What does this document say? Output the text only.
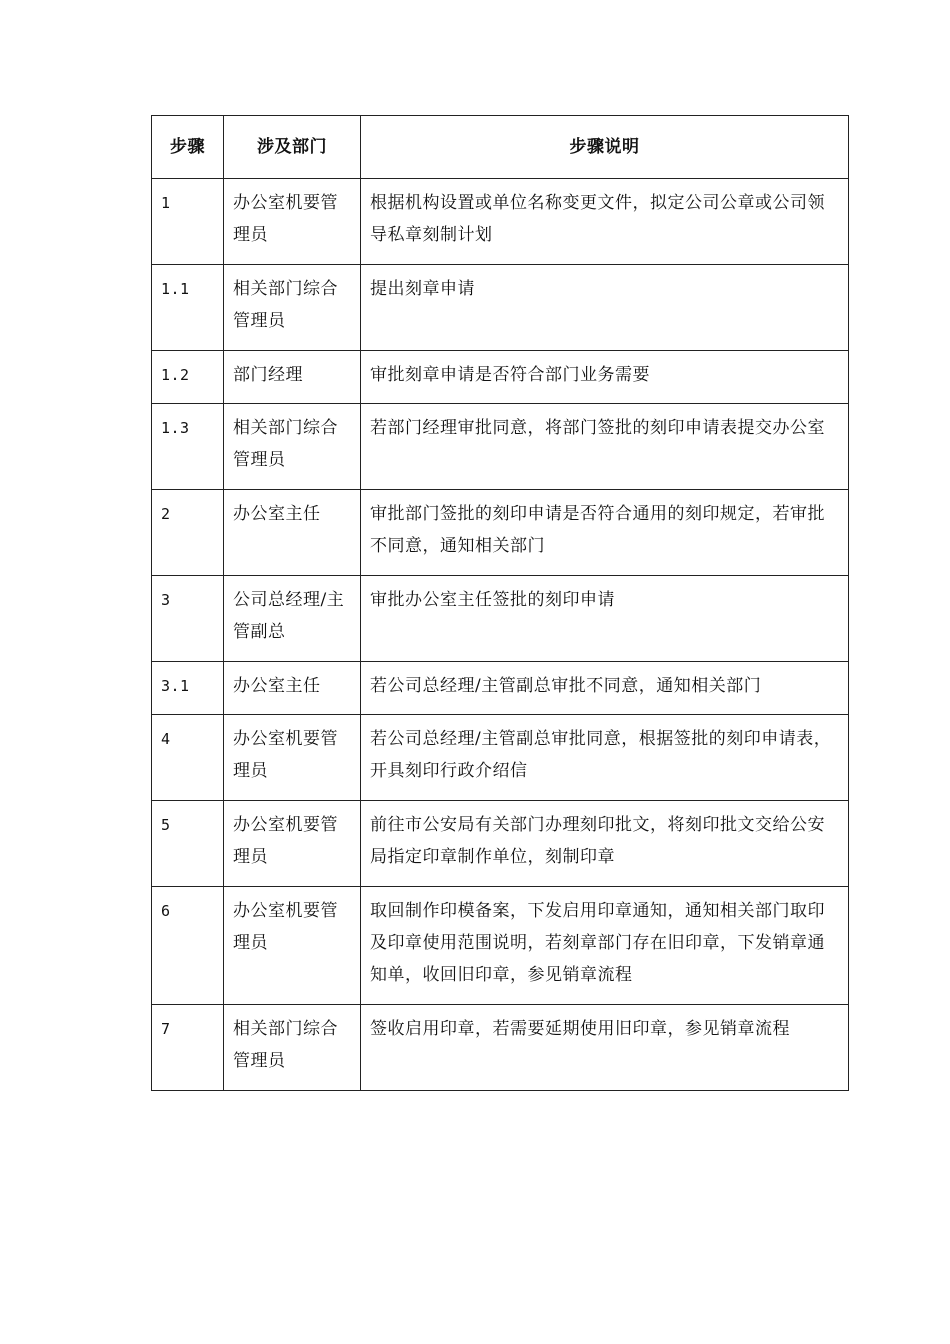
步骤	涉及部门	步骤说明

1	办公室机要管理员	根据机构设置或单位名称变更文件，拟定公司公章或公司领导私章刻制计划

1.1	相关部门综合管理员	提出刻章申请

1.2	部门经理	审批刻章申请是否符合部门业务需要

1.3	相关部门综合管理员	若部门经理审批同意，将部门签批的刻印申请表提交办公室

2	办公室主任	审批部门签批的刻印申请是否符合通用的刻印规定，若审批不同意，通知相关部门

3	公司总经理/主管副总	审批办公室主任签批的刻印申请

3.1	办公室主任	若公司总经理/主管副总审批不同意，通知相关部门

4	办公室机要管理员	若公司总经理/主管副总审批同意，根据签批的刻印申请表，开具刻印行政介绍信

5	办公室机要管理员	前往市公安局有关部门办理刻印批文，将刻印批文交给公安局指定印章制作单位，刻制印章

6	办公室机要管理员	取回制作印模备案，下发启用印章通知，通知相关部门取印及印章使用范围说明，若刻章部门存在旧印章，下发销章通知单，收回旧印章，参见销章流程

7	相关部门综合管理员	签收启用印章，若需要延期使用旧印章，参见销章流程
